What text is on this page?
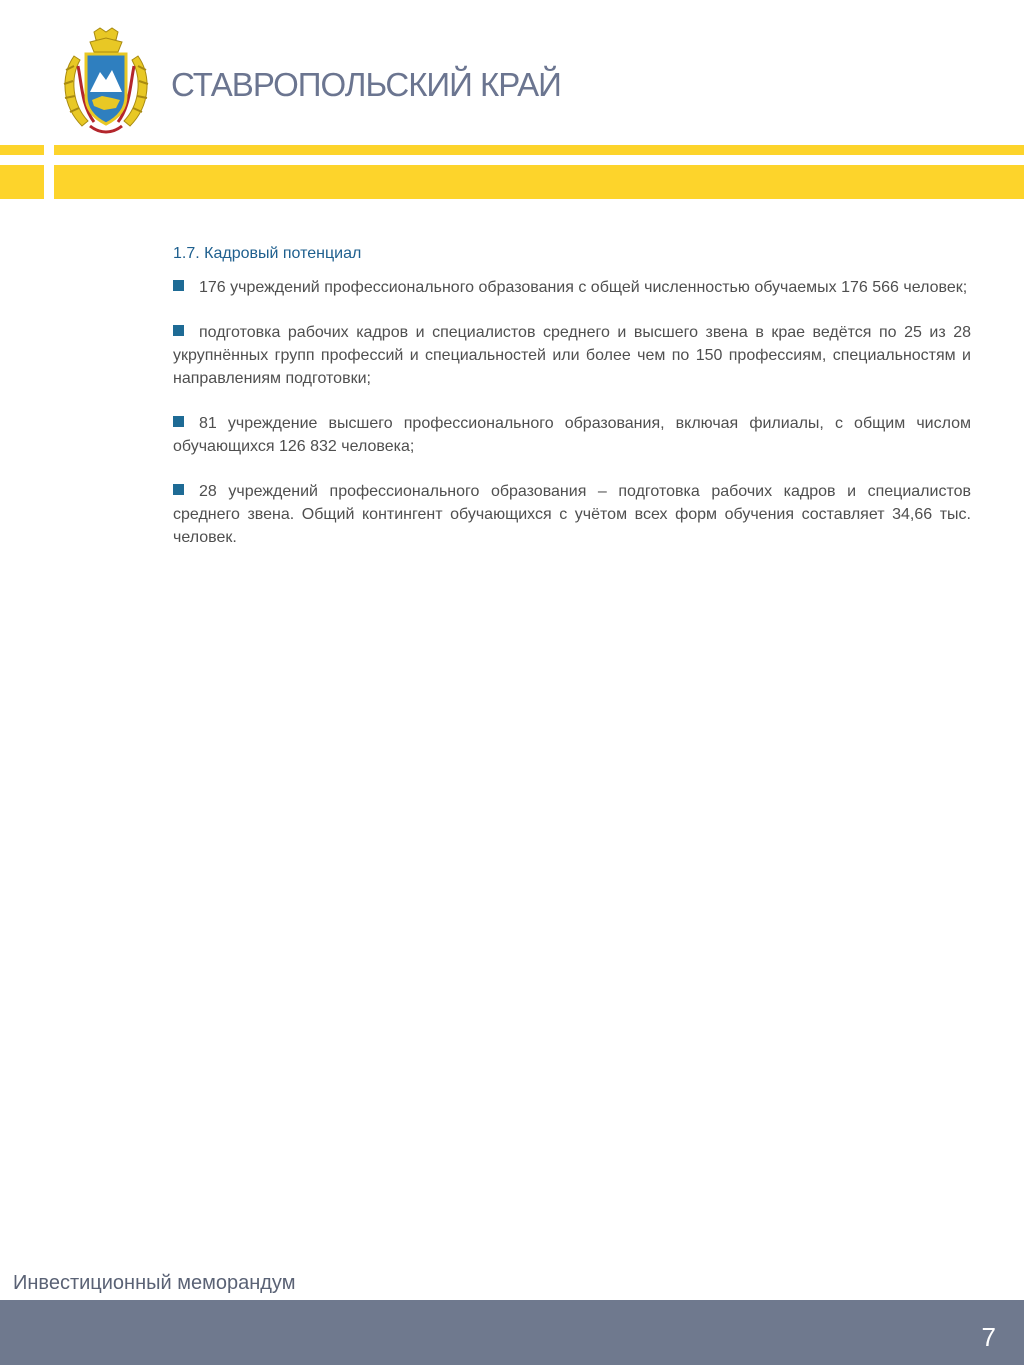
СТАВРОПОЛЬСКИЙ КРАЙ
1.7. Кадровый потенциал

176 учреждений профессионального образования с общей численностью обучаемых 176 566 человек;

подготовка рабочих кадров и специалистов среднего и высшего звена в крае ведётся по 25 из 28 укрупнённых групп профессий и специальностей или более чем по 150 профессиям, специальностям и направлениям подготовки;

81 учреждение высшего профессионального образования, включая филиалы, с общим числом обучающихся 126 832 человека;

28 учреждений профессионального образования – подготовка рабочих кадров и специалистов среднего звена. Общий контингент обучающихся с учётом всех форм обучения составляет 34,66 тыс. человек.

Инвестиционный меморандум
7
